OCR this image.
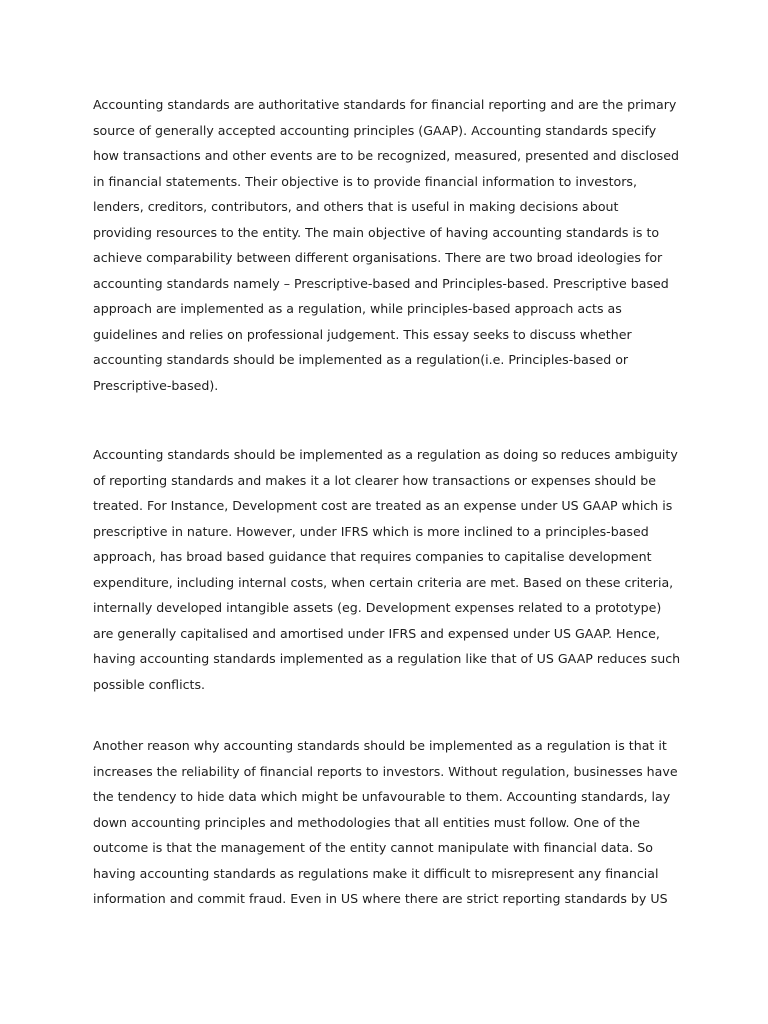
Accounting standards are authoritative standards for financial reporting and are the primary
source of generally accepted accounting principles (GAAP). Accounting standards specify
how transactions and other events are to be recognized, measured, presented and disclosed
in financial statements. Their objective is to provide financial information to investors,
lenders, creditors, contributors, and others that is useful in making decisions about
providing resources to the entity. The main objective of having accounting standards is to
achieve comparability between different organisations. There are two broad ideologies for
accounting standards namely – Prescriptive-based and Principles-based. Prescriptive based
approach are implemented as a regulation, while principles-based approach acts as
guidelines and relies on professional judgement. This essay seeks to discuss whether
accounting standards should be implemented as a regulation(i.e. Principles-based or
Prescriptive-based).
Accounting standards should be implemented as a regulation as doing so reduces ambiguity
of reporting standards and makes it a lot clearer how transactions or expenses should be
treated. For Instance, Development cost are treated as an expense under US GAAP which is
prescriptive in nature. However, under IFRS which is more inclined to a principles-based
approach, has broad based guidance that requires companies to capitalise development
expenditure, including internal costs, when certain criteria are met. Based on these criteria,
internally developed intangible assets (eg. Development expenses related to a prototype)
are generally capitalised and amortised under IFRS and expensed under US GAAP. Hence,
having accounting standards implemented as a regulation like that of US GAAP reduces such
possible conflicts.
Another reason why accounting standards should be implemented as a regulation is that it
increases the reliability of financial reports to investors. Without regulation, businesses have
the tendency to hide data which might be unfavourable to them. Accounting standards, lay
down accounting principles and methodologies that all entities must follow. One of the
outcome is that the management of the entity cannot manipulate with financial data. So
having accounting standards as regulations make it difficult to misrepresent any financial
information and commit fraud. Even in US where there are strict reporting standards by US
